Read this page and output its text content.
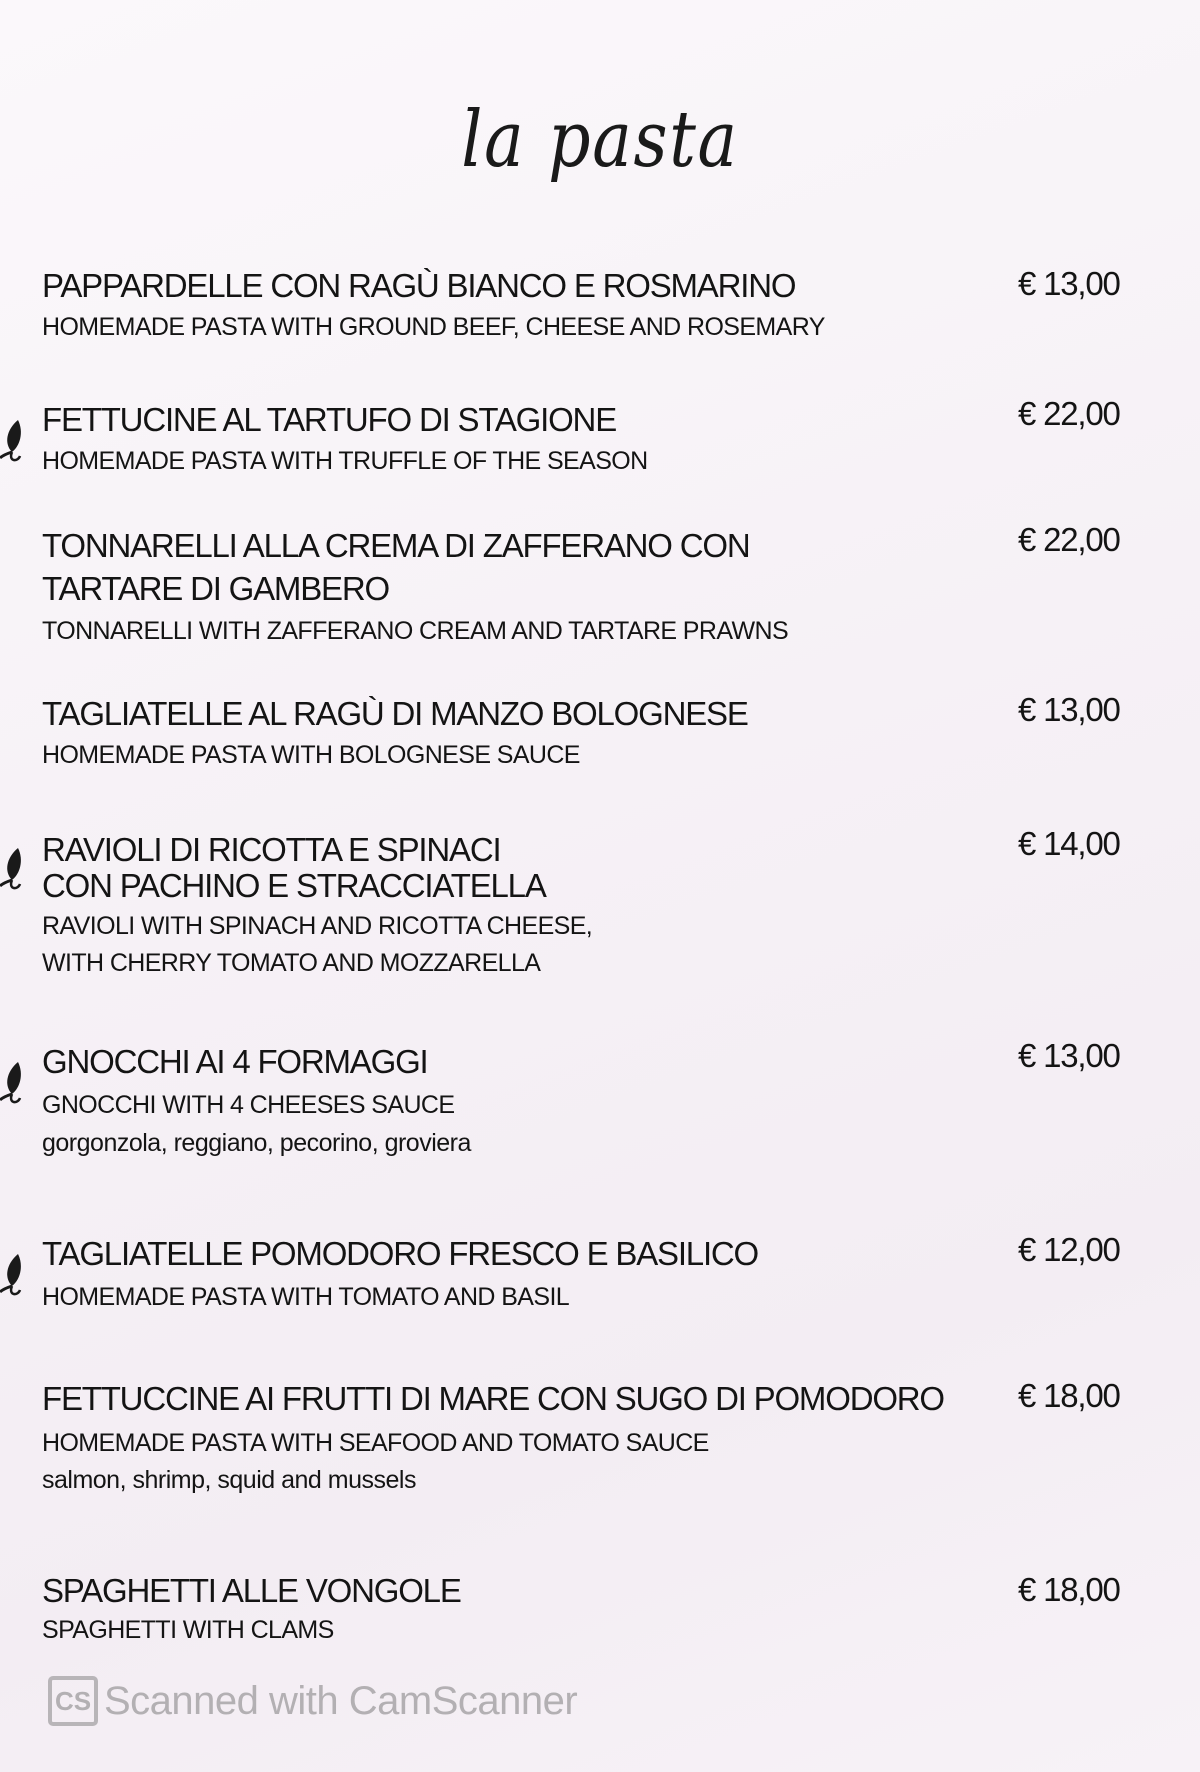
la pasta
PAPPARDELLE CON RAGÙ BIANCO E ROSMARINO
HOMEMADE PASTA WITH GROUND BEEF, CHEESE AND ROSEMARY
€ 13,00
FETTUCINE AL TARTUFO DI STAGIONE
HOMEMADE PASTA WITH TRUFFLE OF THE SEASON
€ 22,00
TONNARELLI ALLA CREMA DI ZAFFERANO CON
TARTARE DI GAMBERO
TONNARELLI WITH ZAFFERANO CREAM AND TARTARE PRAWNS
€ 22,00
TAGLIATELLE AL RAGÙ DI MANZO BOLOGNESE
HOMEMADE PASTA WITH BOLOGNESE SAUCE
€ 13,00
RAVIOLI DI RICOTTA E SPINACI
CON PACHINO E STRACCIATELLA
RAVIOLI WITH SPINACH AND RICOTTA CHEESE,
WITH CHERRY TOMATO AND MOZZARELLA
€ 14,00
GNOCCHI AI 4 FORMAGGI
GNOCCHI WITH 4 CHEESES SAUCE
gorgonzola, reggiano, pecorino, groviera
€ 13,00
TAGLIATELLE POMODORO FRESCO E BASILICO
HOMEMADE PASTA WITH TOMATO AND BASIL
€ 12,00
FETTUCCINE AI FRUTTI DI MARE CON SUGO DI POMODORO
HOMEMADE PASTA WITH SEAFOOD AND TOMATO SAUCE
salmon, shrimp, squid and mussels
€ 18,00
SPAGHETTI ALLE VONGOLE
SPAGHETTI WITH CLAMS
€ 18,00
CS Scanned with CamScanner
